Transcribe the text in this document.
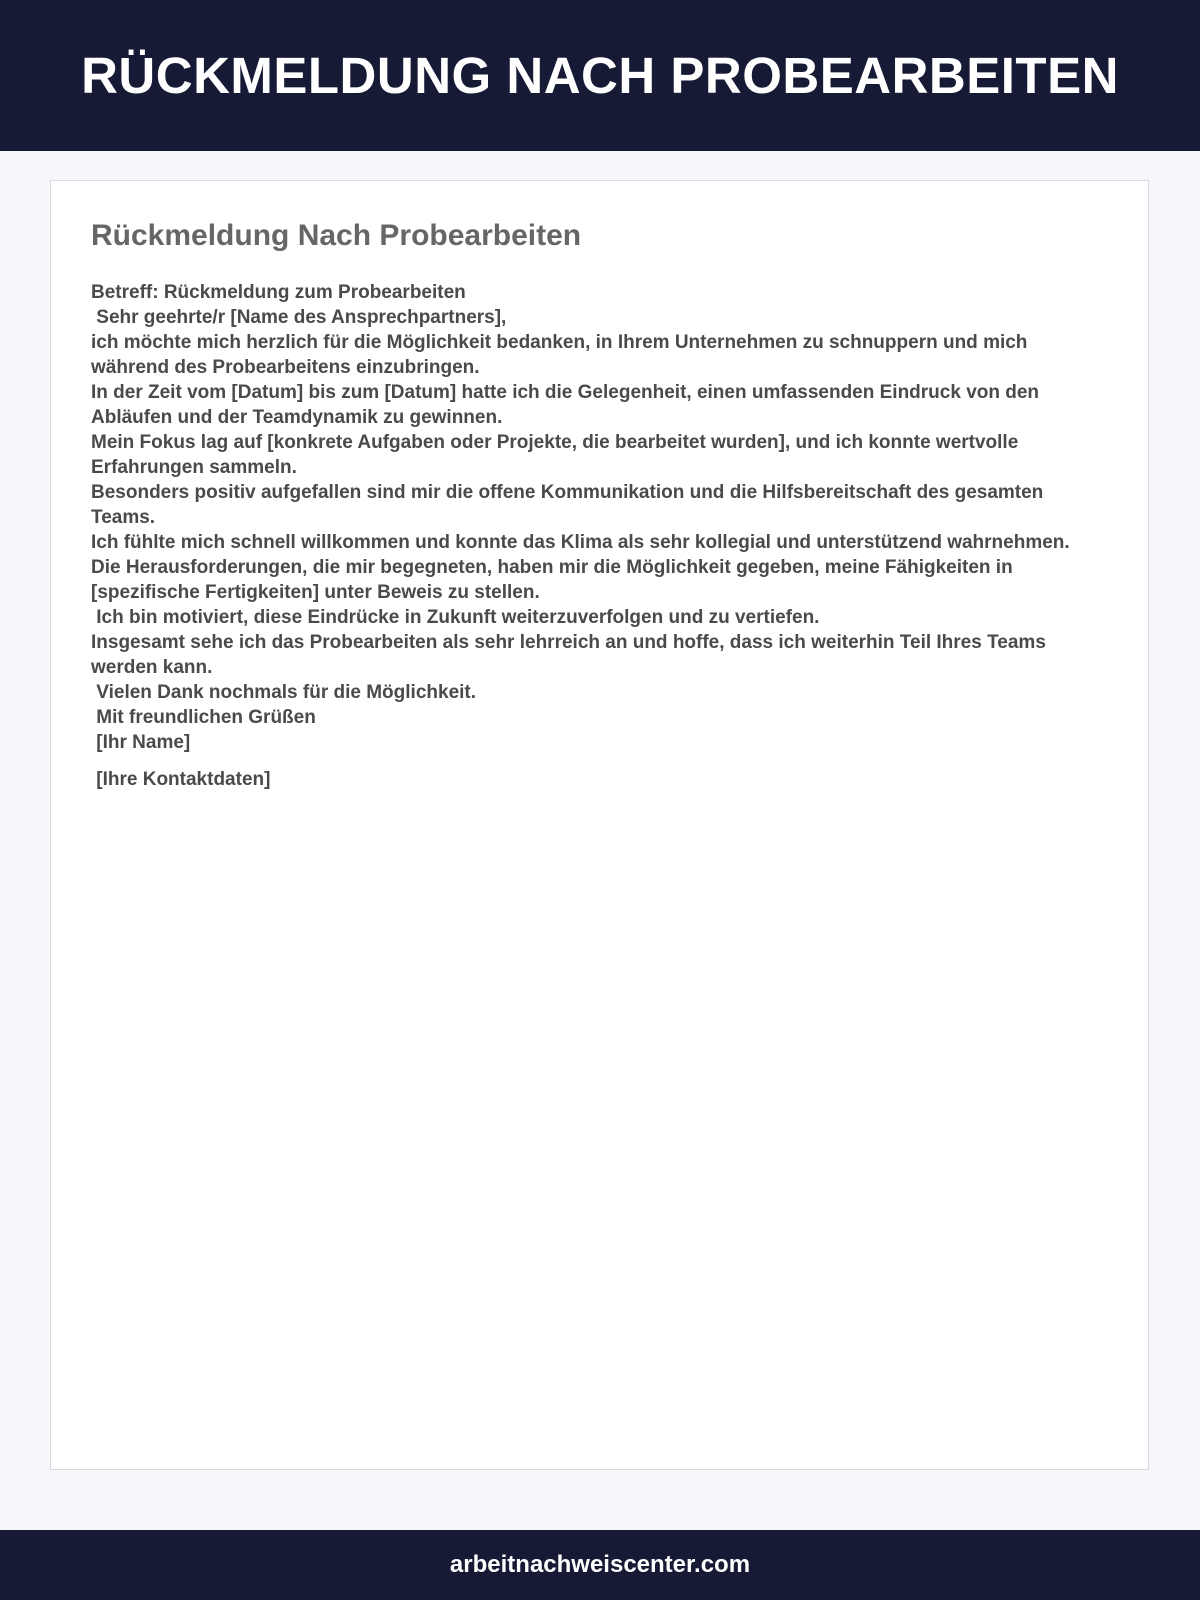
RÜCKMELDUNG NACH PROBEARBEITEN
Rückmeldung Nach Probearbeiten
Betreff: Rückmeldung zum Probearbeiten
Sehr geehrte/r [Name des Ansprechpartners],
ich möchte mich herzlich für die Möglichkeit bedanken, in Ihrem Unternehmen zu schnuppern und mich während des Probearbeitens einzubringen.
In der Zeit vom [Datum] bis zum [Datum] hatte ich die Gelegenheit, einen umfassenden Eindruck von den Abläufen und der Teamdynamik zu gewinnen.
Mein Fokus lag auf [konkrete Aufgaben oder Projekte, die bearbeitet wurden], und ich konnte wertvolle Erfahrungen sammeln.
Besonders positiv aufgefallen sind mir die offene Kommunikation und die Hilfsbereitschaft des gesamten Teams.
Ich fühlte mich schnell willkommen und konnte das Klima als sehr kollegial und unterstützend wahrnehmen.
Die Herausforderungen, die mir begegneten, haben mir die Möglichkeit gegeben, meine Fähigkeiten in [spezifische Fertigkeiten] unter Beweis zu stellen.
Ich bin motiviert, diese Eindrücke in Zukunft weiterzuverfolgen und zu vertiefen.
Insgesamt sehe ich das Probearbeiten als sehr lehrreich an und hoffe, dass ich weiterhin Teil Ihres Teams werden kann.
Vielen Dank nochmals für die Möglichkeit.
Mit freundlichen Grüßen
[Ihr Name]
[Ihre Kontaktdaten]
arbeitnachweiscenter.com
